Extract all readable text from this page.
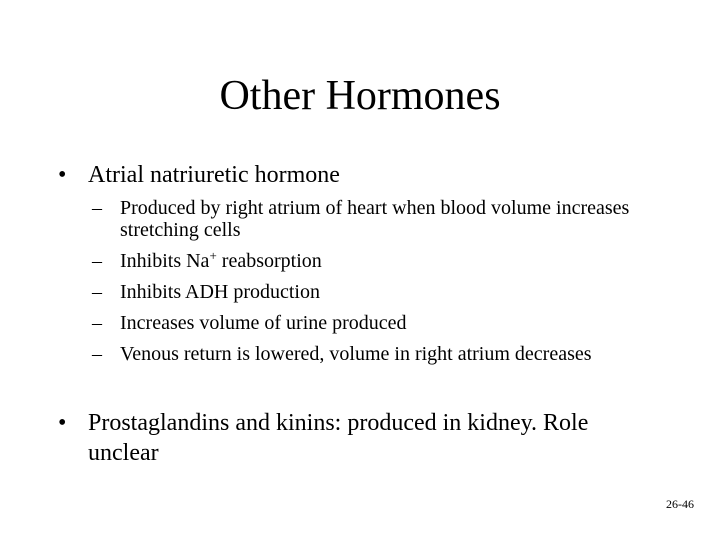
Other Hormones
• Atrial natriuretic hormone
– Produced by right atrium of heart when blood volume increases stretching cells
– Inhibits Na+ reabsorption
– Inhibits ADH production
– Increases volume of urine produced
– Venous return is lowered, volume in right atrium decreases
• Prostaglandins and kinins: produced in kidney. Role unclear
26-46
